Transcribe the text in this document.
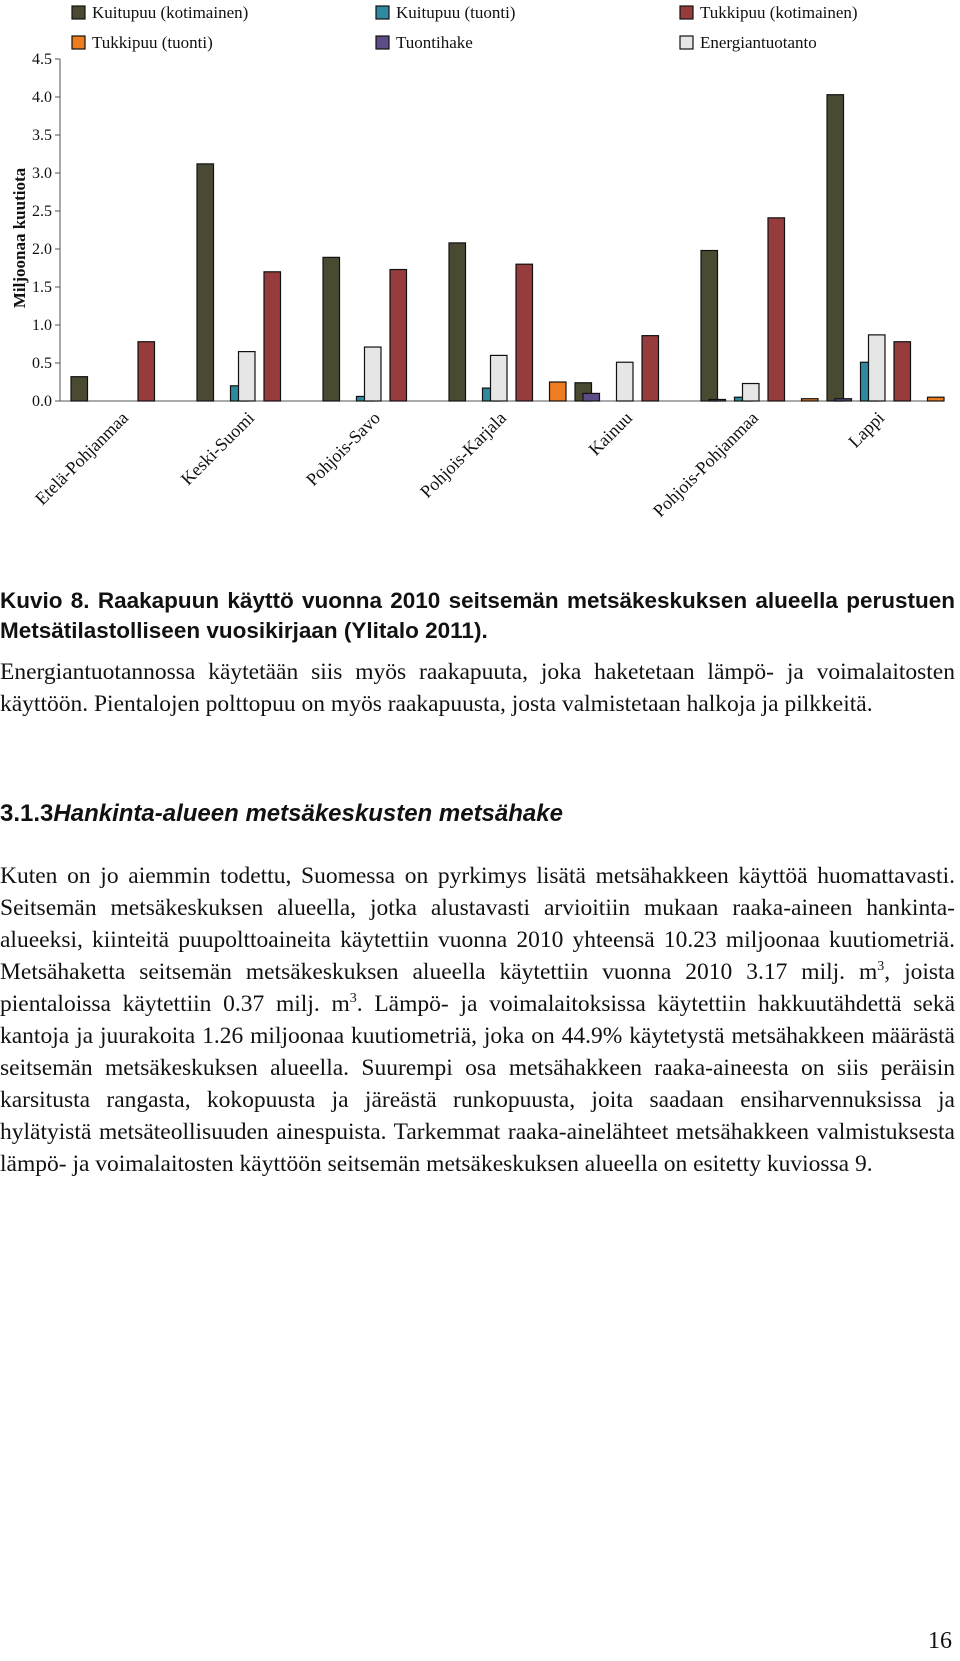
Kuitupuu (kotimainen)	Kuitupuu (tuonti)	Tukkipuu (kotimainen)
Tukkipuu (tuonti)	Tuontihake	Energiantuotanto
0.0
0.5
1.0
1.5
2.0
2.5
3.0
3.5
4.0
4.5
Etelä-Pohjanmaa Keski-Suomi Pohjois-Savo Pohjois-Karjala	Kainuu Pohjois-Pohjanmaa	Lappi
Miljoonaa kuutiota
Kuvio 8. Raakapuun käyttö vuonna 2010 seitsemän metsäkeskuksen alueella perustuen Metsätilastolliseen vuosikirjaan (Ylitalo 2011).
Energiantuotannossa käytetään siis myös raakapuuta, joka haketetaan lämpö- ja voimalaitosten käyttöön. Pientalojen polttopuu on myös raakapuusta, josta valmistetaan halkoja ja pilkkeitä.
3.1.3Hankinta-alueen metsäkeskusten metsähake
Kuten on jo aiemmin todettu, Suomessa on pyrkimys lisätä metsähakkeen käyttöä huomattavasti. Seitsemän metsäkeskuksen alueella, jotka alustavasti arvioitiin mukaan raaka-aineen hankinta-alueeksi, kiinteitä puupolttoaineita käytettiin vuonna 2010 yhteensä 10.23 miljoonaa kuutiometriä. Metsähaketta seitsemän metsäkeskuksen alueella käytettiin vuonna 2010 3.17 milj. $m^3$, joista pientaloissa käytettiin 0.37 milj. $m^3$. Lämpö- ja voimalaitoksissa käytettiin hakkuutähdettä sekä kantoja ja juurakoita 1.26 miljoonaa kuutiometriä, joka on 44.9% käytetystä metsähakkeen määrästä seitsemän metsäkeskuksen alueella. Suurempi osa metsähakkeen raaka-aineesta on siis peräisin karsitusta rangasta, kokopuusta ja järeästä runkopuusta, joita saadaan ensiharvennuksissa ja hylätyistä metsäteollisuuden ainespuista. Tarkemmat raaka-ainelähteet metsähakkeen valmistuksesta lämpö- ja voimalaitosten käyttöön seitsemän metsäkeskuksen alueella on esitetty kuviossa 9.
16
